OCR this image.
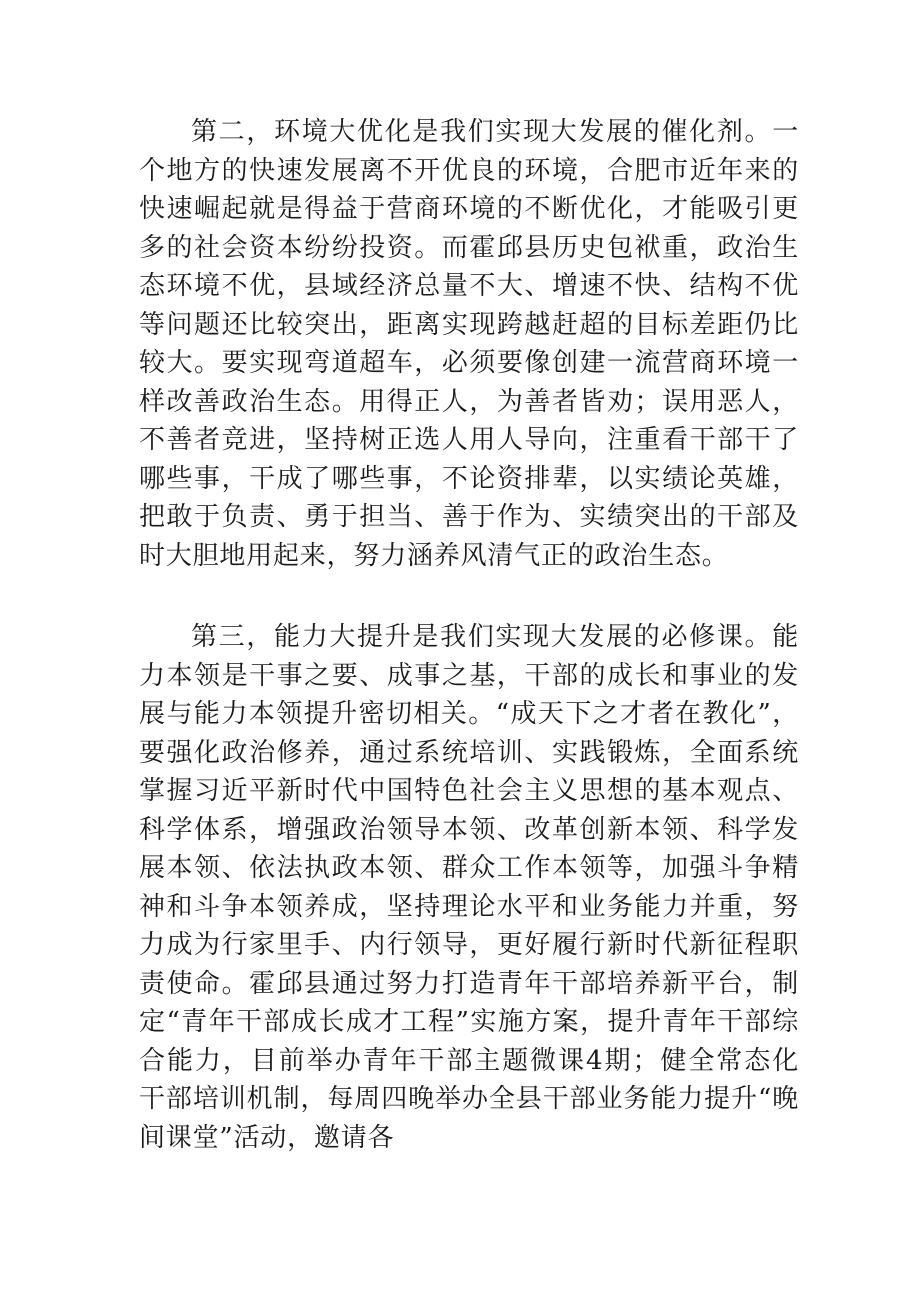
第二，环境大优化是我们实现大发展的催化剂。一个地方的快速发展离不开优良的环境，合肥市近年来的快速崛起就是得益于营商环境的不断优化，才能吸引更多的社会资本纷纷投资。而霍邱县历史包袱重，政治生态环境不优，县域经济总量不大、增速不快、结构不优等问题还比较突出，距离实现跨越赶超的目标差距仍比较大。要实现弯道超车，必须要像创建一流营商环境一样改善政治生态。用得正人，为善者皆劝；误用恶人，不善者竞进，坚持树正选人用人导向，注重看干部干了哪些事，干成了哪些事，不论资排辈，以实绩论英雄，把敢于负责、勇于担当、善于作为、实绩突出的干部及时大胆地用起来，努力涵养风清气正的政治生态。

第三，能力大提升是我们实现大发展的必修课。能力本领是干事之要、成事之基，干部的成长和事业的发展与能力本领提升密切相关。“成天下之才者在教化”，要强化政治修养，通过系统培训、实践锻炼，全面系统掌握习近平新时代中国特色社会主义思想的基本观点、科学体系，增强政治领导本领、改革创新本领、科学发展本领、依法执政本领、群众工作本领等，加强斗争精神和斗争本领养成，坚持理论水平和业务能力并重，努力成为行家里手、内行领导，更好履行新时代新征程职责使命。霍邱县通过努力打造青年干部培养新平台，制定“青年干部成长成才工程”实施方案，提升青年干部综合能力，目前举办青年干部主题微课4期；健全常态化干部培训机制，每周四晚举办全县干部业务能力提升“晚间课堂”活动，邀请各
